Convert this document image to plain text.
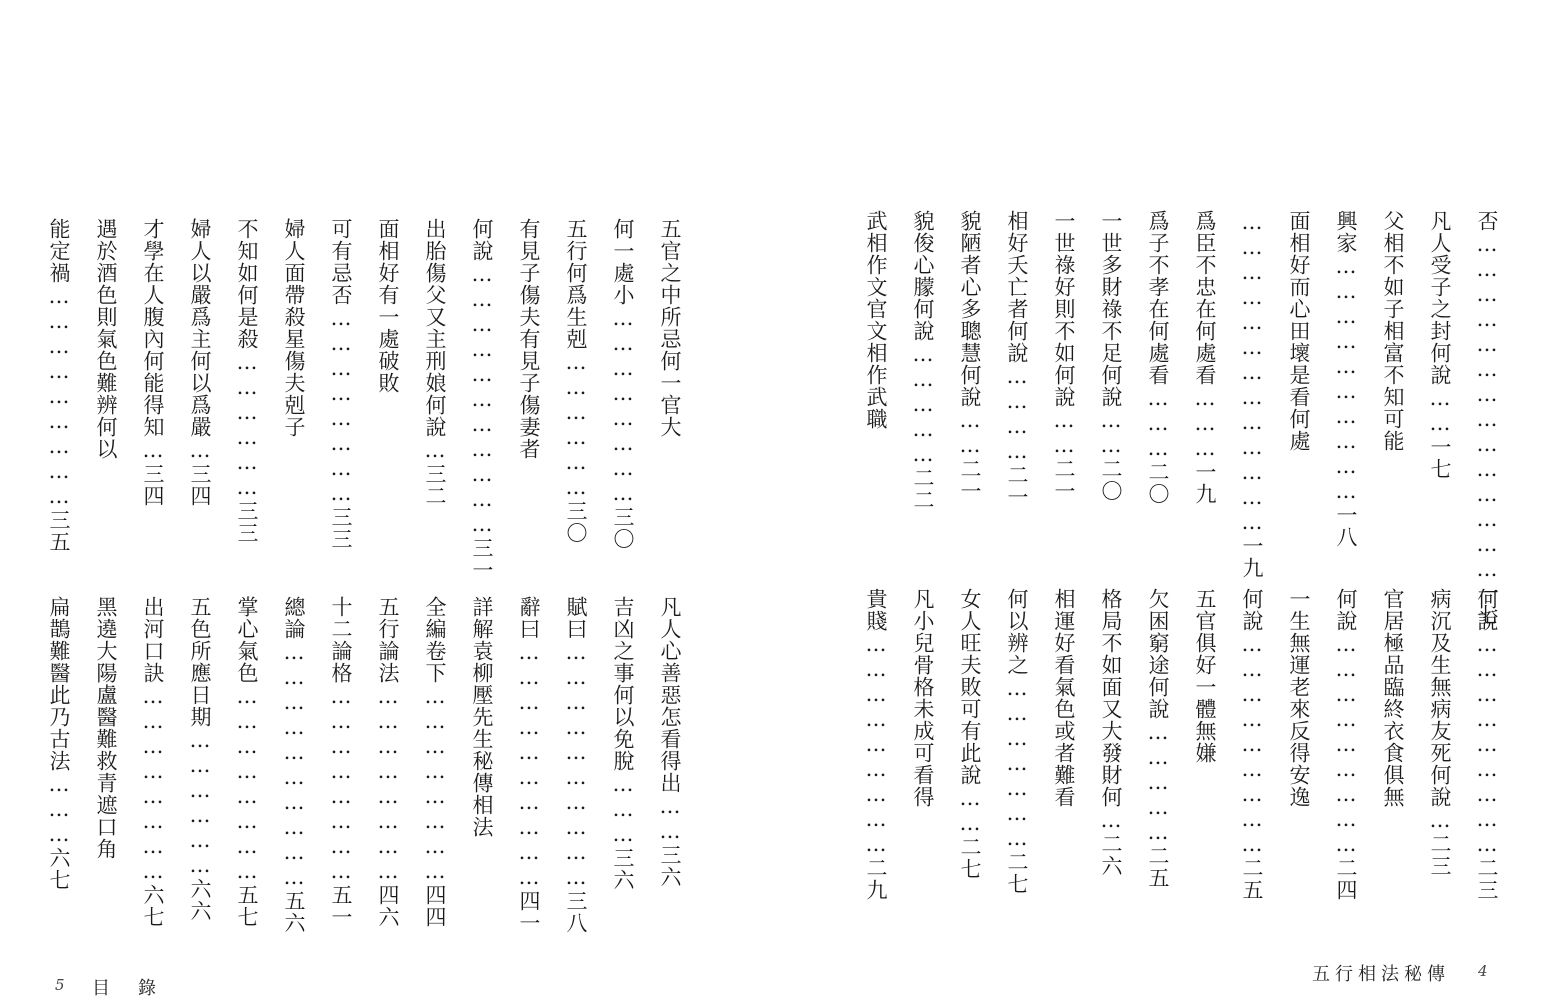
否……………………………………一七
凡人受子之封何說……一七
父相不如子相富不知可能
興家…………………………一八
面相好而心田壞是看何處
…………………………………一九
爲臣不忠在何處看………一九
爲子不孝在何處看………二〇
一世多財祿不足何說……二〇
一世祿好則不如何說……二一
相好夭亡者何說…………二一
貌陋者心多聰慧何說……二一
貌俊心朦何說……………二二
武相作文官文相作武職
何說………………………二三
病沉及生無病友死何說…二三
官居極品臨終衣食俱無
何說………………………二四
一生無運老來反得安逸
何說………………………二五
五官俱好一體無嫌
欠困窮途何說……………二五
格局不如面又大發財何…二六
相運好看氣色或者難看
何以辨之…………………二七
女人旺夫敗可有此說……二七
凡小兒骨格未成可看得
貴賤………………………二九
五行相法秘傳 4
五官之中所忌何一官大
何一處小……………………三〇
五行何爲生剋………………三〇
有見子傷夫有見子傷妻者
何說……………………………三一
出胎傷父又主刑娘何說…三二
面相好有一處破敗
可有忌否……………………三三
婦人面帶殺星傷夫剋子
不知如何是殺………………三三
婦人以嚴爲主何以爲嚴…三四
才學在人腹內何能得知…三四
遇於酒色則氣色難辨何以
能定禍………………………三五
凡人心善惡怎看得出……三六
吉凶之事何以免脫………三六
賦曰…………………………三八
辭曰…………………………四一
詳解袁柳壓先生秘傳相法
全編卷下……………………四四
五行論法……………………四六
十二論格……………………五一
總論…………………………五六
掌心氣色……………………五七
五色所應日期………………六六
出河口訣……………………六七
黑遶大陽盧醫難救青遮口角
扁鵲難醫此乃古法………六七
5 目　錄
